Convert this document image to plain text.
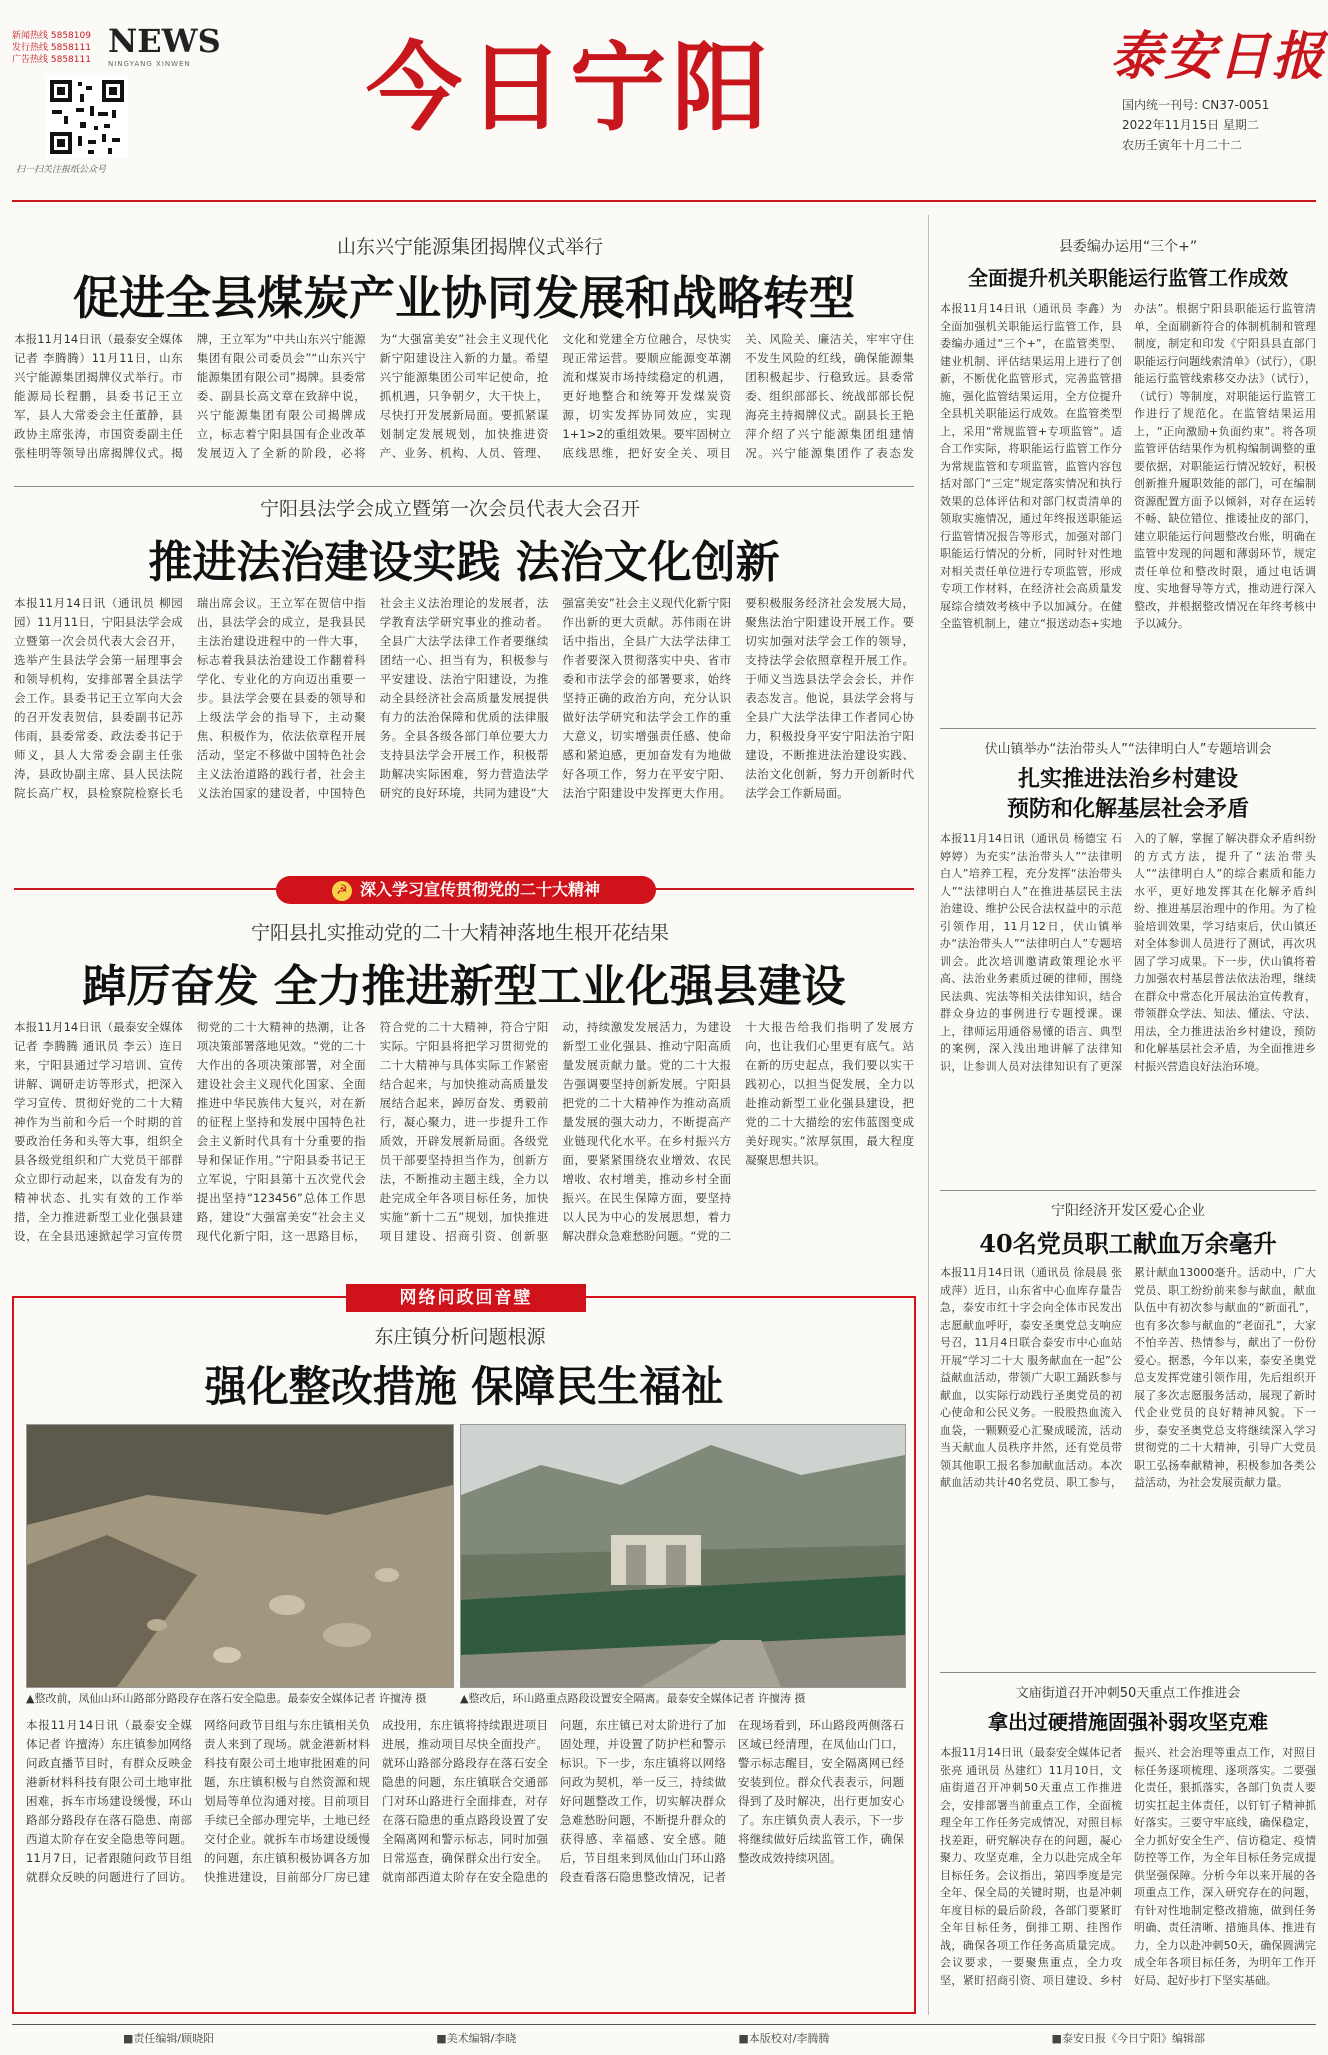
新闻热线 5858109
发行热线 5858111
广告热线 5858111 NEWS
NINGYANG XINWEN
扫一扫关注报纸公众号
今日宁阳	泰安日报
国内统一刊号: CN37-0051
2022年11月15日 星期二
农历壬寅年十月二十二
山东兴宁能源集团揭牌仪式举行
促进全县煤炭产业协同发展和战略转型
本报11月14日讯（最泰安全媒体记者 李腾腾）11月11日，山东兴宁能源集团揭牌仪式举行。市能源局长程鹏，县委书记王立军，县人大常委会主任董静，县政协主席张涛，市国资委副主任张桂明等领导出席揭牌仪式。揭牌，王立军为“中共山东兴宁能源集团有限公司委员会”“山东兴宁能源集团有限公司”揭牌。县委常委、副县长高文章在致辞中说，兴宁能源集团有限公司揭牌成立，标志着宁阳县国有企业改革发展迈入了全新的阶段，必将为“大强富美安”社会主义现代化新宁阳建设注入新的力量。希望兴宁能源集团公司牢记使命，抢抓机遇，只争朝夕，大干快上，尽快打开发展新局面。要抓紧谋划制定发展规划，加快推进资产、业务、机构、人员、管理、文化和党建全方位融合，尽快实现正常运营。要顺应能源变革潮流和煤炭市场持续稳定的机遇，更好地整合和统筹开发煤炭资源，切实发挥协同效应，实现1+1>2的重组效果。要牢固树立底线思维，把好安全关、项目关、风险关、廉洁关，牢牢守住不发生风险的红线，确保能源集团积极起步、行稳致远。县委常委、组织部部长、统战部部长倪海亮主持揭牌仪式。副县长王艳萍介绍了兴宁能源集团组建情况。兴宁能源集团作了表态发
宁阳县法学会成立暨第一次会员代表大会召开
推进法治建设实践 法治文化创新
本报11月14日讯（通讯员 柳园园）11月11日，宁阳县法学会成立暨第一次会员代表大会召开，选举产生县法学会第一届理事会和领导机构，安排部署全县法学会工作。县委书记王立军向大会的召开发表贺信，县委副书记苏伟雨，县委常委、政法委书记于师义，县人大常委会副主任张涛，县政协副主席、县人民法院院长高广权，县检察院检察长毛瑞出席会议。王立军在贺信中指出，县法学会的成立，是我县民主法治建设进程中的一件大事，标志着我县法治建设工作翻着科学化、专业化的方向迈出重要一步。县法学会要在县委的领导和上级法学会的指导下，主动聚焦、积极作为，依法依章程开展活动，坚定不移做中国特色社会主义法治道路的践行者，社会主义法治国家的建设者，中国特色社会主义法治理论的发展者，法学教育法学研究事业的推动者。全县广大法学法律工作者要继续团结一心、担当有为，积极参与平安建设、法治宁阳建设，为推动全县经济社会高质量发展提供有力的法治保障和优质的法律服务。全县各级各部门单位要大力支持县法学会开展工作，积极帮助解决实际困难，努力营造法学研究的良好环境，共同为建设“大强富美安”社会主义现代化新宁阳作出新的更大贡献。苏伟雨在讲话中指出，全县广大法学法律工作者要深入贯彻落实中央、省市委和市法学会的部署要求，始终坚持正确的政治方向，充分认识做好法学研究和法学会工作的重大意义，切实增强责任感、使命感和紧迫感，更加奋发有为地做好各项工作，努力在平安宁阳、法治宁阳建设中发挥更大作用。要积极服务经济社会发展大局，聚焦法治宁阳建设开展工作。要切实加强对法学会工作的领导，支持法学会依照章程开展工作。于师义当选县法学会会长，并作表态发言。他说，县法学会将与全县广大法学法律工作者同心协力，积极投身平安宁阳法治宁阳建设，不断推进法治建设实践、法治文化创新，努力开创新时代法学会工作新局面。
☭ 深入学习宣传贯彻党的二十大精神
宁阳县扎实推动党的二十大精神落地生根开花结果
踔厉奋发 全力推进新型工业化强县建设
本报11月14日讯（最泰安全媒体记者 李腾腾 通讯员 李云）连日来，宁阳县通过学习培训、宣传讲解、调研走访等形式，把深入学习宣传、贯彻好党的二十大精神作为当前和今后一个时期的首要政治任务和头等大事，组织全县各级党组织和广大党员干部群众立即行动起来，以奋发有为的精神状态、扎实有效的工作举措，全力推进新型工业化强县建设，在全县迅速掀起学习宣传贯彻党的二十大精神的热潮，让各项决策部署落地见效。“党的二十大作出的各项决策部署，对全面建设社会主义现代化国家、全面推进中华民族伟大复兴，对在新的征程上坚持和发展中国特色社会主义新时代具有十分重要的指导和保证作用。”宁阳县委书记王立军说，宁阳县第十五次党代会提出坚持“123456”总体工作思路，建设“大强富美安”社会主义现代化新宁阳，这一思路目标，符合党的二十大精神，符合宁阳实际。宁阳县将把学习贯彻党的二十大精神与具体实际工作紧密结合起来，与加快推动高质量发展结合起来，踔厉奋发、勇毅前行，凝心聚力，进一步提升工作质效，开辟发展新局面。各级党员干部要坚持担当作为，创新方法，不断推动主题主线，全力以赴完成全年各项目标任务，加快实施“新十二五”规划，加快推进项目建设、招商引资、创新驱动，持续激发发展活力，为建设新型工业化强县、推动宁阳高质量发展贡献力量。党的二十大报告强调要坚持创新发展。宁阳县把党的二十大精神作为推动高质量发展的强大动力，不断提高产业链现代化水平。在乡村振兴方面，要紧紧围绕农业增效、农民增收、农村增美，推动乡村全面振兴。在民生保障方面，要坚持以人民为中心的发展思想，着力解决群众急难愁盼问题。“党的二十大报告给我们指明了发展方向，也让我们心里更有底气。站在新的历史起点，我们要以实干践初心，以担当促发展，全力以赴推动新型工业化强县建设，把党的二十大描绘的宏伟蓝图变成美好现实。”浓厚氛围，最大程度凝聚思想共识。
网络问政回音壁
东庄镇分析问题根源
强化整改措施 保障民生福祉
▲整改前，凤仙山环山路部分路段存在落石安全隐患。最泰安全媒体记者 许擅涛 摄	▲整改后，环山路重点路段设置安全隔离。最泰安全媒体记者 许擅涛 摄
本报11月14日讯（最泰安全媒体记者 许擅涛）东庄镇参加网络问政直播节目时，有群众反映金港新材料科技有限公司土地审批困难，拆车市场建设缓慢，环山路部分路段存在落石隐患、南部西道太阶存在安全隐患等问题。11月7日，记者跟随问政节目组就群众反映的问题进行了回访。网络问政节目组与东庄镇相关负责人来到了现场。就金港新材料科技有限公司土地审批困难的问题，东庄镇积极与自然资源和规划局等单位沟通对接。目前项目手续已全部办理完毕，土地已经交付企业。就拆车市场建设缓慢的问题，东庄镇积极协调各方加快推进建设，目前部分厂房已建成投用，东庄镇将持续跟进项目进展，推动项目尽快全面投产。就环山路部分路段存在落石安全隐患的问题，东庄镇联合交通部门对环山路进行全面排查，对存在落石隐患的重点路段设置了安全隔离网和警示标志，同时加强日常巡查，确保群众出行安全。就南部西道太阶存在安全隐患的问题，东庄镇已对太阶进行了加固处理，并设置了防护栏和警示标识。下一步，东庄镇将以网络问政为契机，举一反三，持续做好问题整改工作，切实解决群众急难愁盼问题，不断提升群众的获得感、幸福感、安全感。随后，节目组来到凤仙山门环山路段查看落石隐患整改情况，记者在现场看到，环山路段两侧落石区域已经清理，在凤仙山门口，警示标志醒目，安全隔离网已经安装到位。群众代表表示，问题得到了及时解决，出行更加安心了。东庄镇负责人表示，下一步将继续做好后续监管工作，确保整改成效持续巩固。
县委编办运用“三个+”
全面提升机关职能运行监管工作成效
本报11月14日讯（通讯员 李鑫）为全面加强机关职能运行监管工作，县委编办通过“三个+”，在监管类型、建业机制、评估结果运用上进行了创新，不断优化监管形式，完善监管措施，强化监管结果运用，全方位提升全县机关职能运行成效。在监管类型上，采用“常规监管+专项监管”。适合工作实际，将职能运行监管工作分为常规监管和专项监管，监管内容包括对部门“三定”规定落实情况和执行效果的总体评估和对部门权责清单的领取实施情况，通过年终报送职能运行监管情况报告等形式，加强对部门职能运行情况的分析，同时针对性地对相关责任单位进行专项监管，形成专项工作材料，在经济社会高质量发展综合绩效考核中予以加减分。在健全监管机制上，建立“报送动态+实地办法”。根据宁阳县职能运行监管清单，全面刷新符合的体制机制和管理制度，制定和印发《宁阳县县直部门职能运行问题线索清单》（试行），《职能运行监管线索移交办法》（试行），（试行）等制度，对职能运行监管工作进行了规范化。在监管结果运用上，“正向激励+负面约束”。将各项监管评估结果作为机构编制调整的重要依据，对职能运行情况较好，积极创新推升履职效能的部门，可在编制资源配置方面予以倾斜，对存在运转不畅、缺位错位、推诿扯皮的部门，建立职能运行问题整改台账，明确在监管中发现的问题和薄弱环节，规定责任单位和整改时限，通过电话调度、实地督导等方式，推动进行深入整改，并根据整改情况在年终考核中予以减分。
伏山镇举办“法治带头人”“法律明白人”专题培训会
扎实推进法治乡村建设
预防和化解基层社会矛盾
本报11月14日讯（通讯员 杨德宝 石婷婷）为充实“法治带头人”“法律明白人”培养工程，充分发挥“法治带头人”“法律明白人”在推进基层民主法治建设、维护公民合法权益中的示范引领作用，11月12日，伏山镇举办“法治带头人”“法律明白人”专题培训会。此次培训邀请政策理论水平高、法治业务素质过硬的律师，围绕民法典、宪法等相关法律知识，结合群众身边的事例进行专题授课。课上，律师运用通俗易懂的语言、典型的案例，深入浅出地讲解了法律知识，让参训人员对法律知识有了更深入的了解，掌握了解决群众矛盾纠纷的方式方法，提升了“法治带头人”“法律明白人”的综合素质和能力水平，更好地发挥其在化解矛盾纠纷、推进基层治理中的作用。为了检验培训效果，学习结束后，伏山镇还对全体参训人员进行了测试，再次巩固了学习成果。下一步，伏山镇将着力加强农村基层普法依法治理，继续在群众中常态化开展法治宣传教育，带领群众学法、知法、懂法、守法、用法，全力推进法治乡村建设，预防和化解基层社会矛盾，为全面推进乡村振兴营造良好法治环境。
宁阳经济开发区爱心企业
40名党员职工献血万余毫升
本报11月14日讯（通讯员 徐晨晨 张成萍）近日，山东省中心血库存量告急，泰安市红十字会向全体市民发出志愿献血呼吁，泰安圣奥党总支响应号召，11月4日联合泰安市中心血站开展“学习二十大 服务献血在一起”公益献血活动，带领广大职工踊跃参与献血，以实际行动践行圣奥党员的初心使命和公民义务。一股股热血流入血袋，一颗颗爱心汇聚成暖流，活动当天献血人员秩序井然，还有党员带领其他职工报名参加献血活动。本次献血活动共计40名党员、职工参与，累计献血13000毫升。活动中，广大党员、职工纷纷前来参与献血，献血队伍中有初次参与献血的“新面孔”，也有多次参与献血的“老面孔”，大家不怕辛苦、热情参与，献出了一份份爱心。据悉，今年以来，泰安圣奥党总支发挥党建引领作用，先后组织开展了多次志愿服务活动，展现了新时代企业党员的良好精神风貌。下一步，泰安圣奥党总支将继续深入学习贯彻党的二十大精神，引导广大党员职工弘扬奉献精神，积极参加各类公益活动，为社会发展贡献力量。
文庙街道召开冲刺50天重点工作推进会
拿出过硬措施固强补弱攻坚克难
本报11月14日讯（最泰安全媒体记者 张亮 通讯员 丛建红）11月10日，文庙街道召开冲刺50天重点工作推进会，安排部署当前重点工作，全面梳理全年工作任务完成情况，对照目标找差距，研究解决存在的问题，凝心聚力、攻坚克难，全力以赴完成全年目标任务。会议指出，第四季度是完全年、保全局的关键时期，也是冲刺年度目标的最后阶段，各部门要紧盯全年目标任务，倒排工期、挂图作战，确保各项工作任务高质量完成。会议要求，一要聚焦重点，全力攻坚，紧盯招商引资、项目建设、乡村振兴、社会治理等重点工作，对照目标任务逐项梳理、逐项落实。二要强化责任，狠抓落实，各部门负责人要切实扛起主体责任，以钉钉子精神抓好落实。三要守牢底线，确保稳定，全力抓好安全生产、信访稳定、疫情防控等工作，为全年目标任务完成提供坚强保障。分析今年以来开展的各项重点工作，深入研究存在的问题，有针对性地制定整改措施，做到任务明确、责任清晰、措施具体、推进有力，全力以赴冲刺50天，确保圆满完成全年各项目标任务，为明年工作开好局、起好步打下坚实基础。
■责任编辑/顾晓阳	■美术编辑/李晓	■本版校对/李腾腾	■泰安日报《今日宁阳》编辑部
